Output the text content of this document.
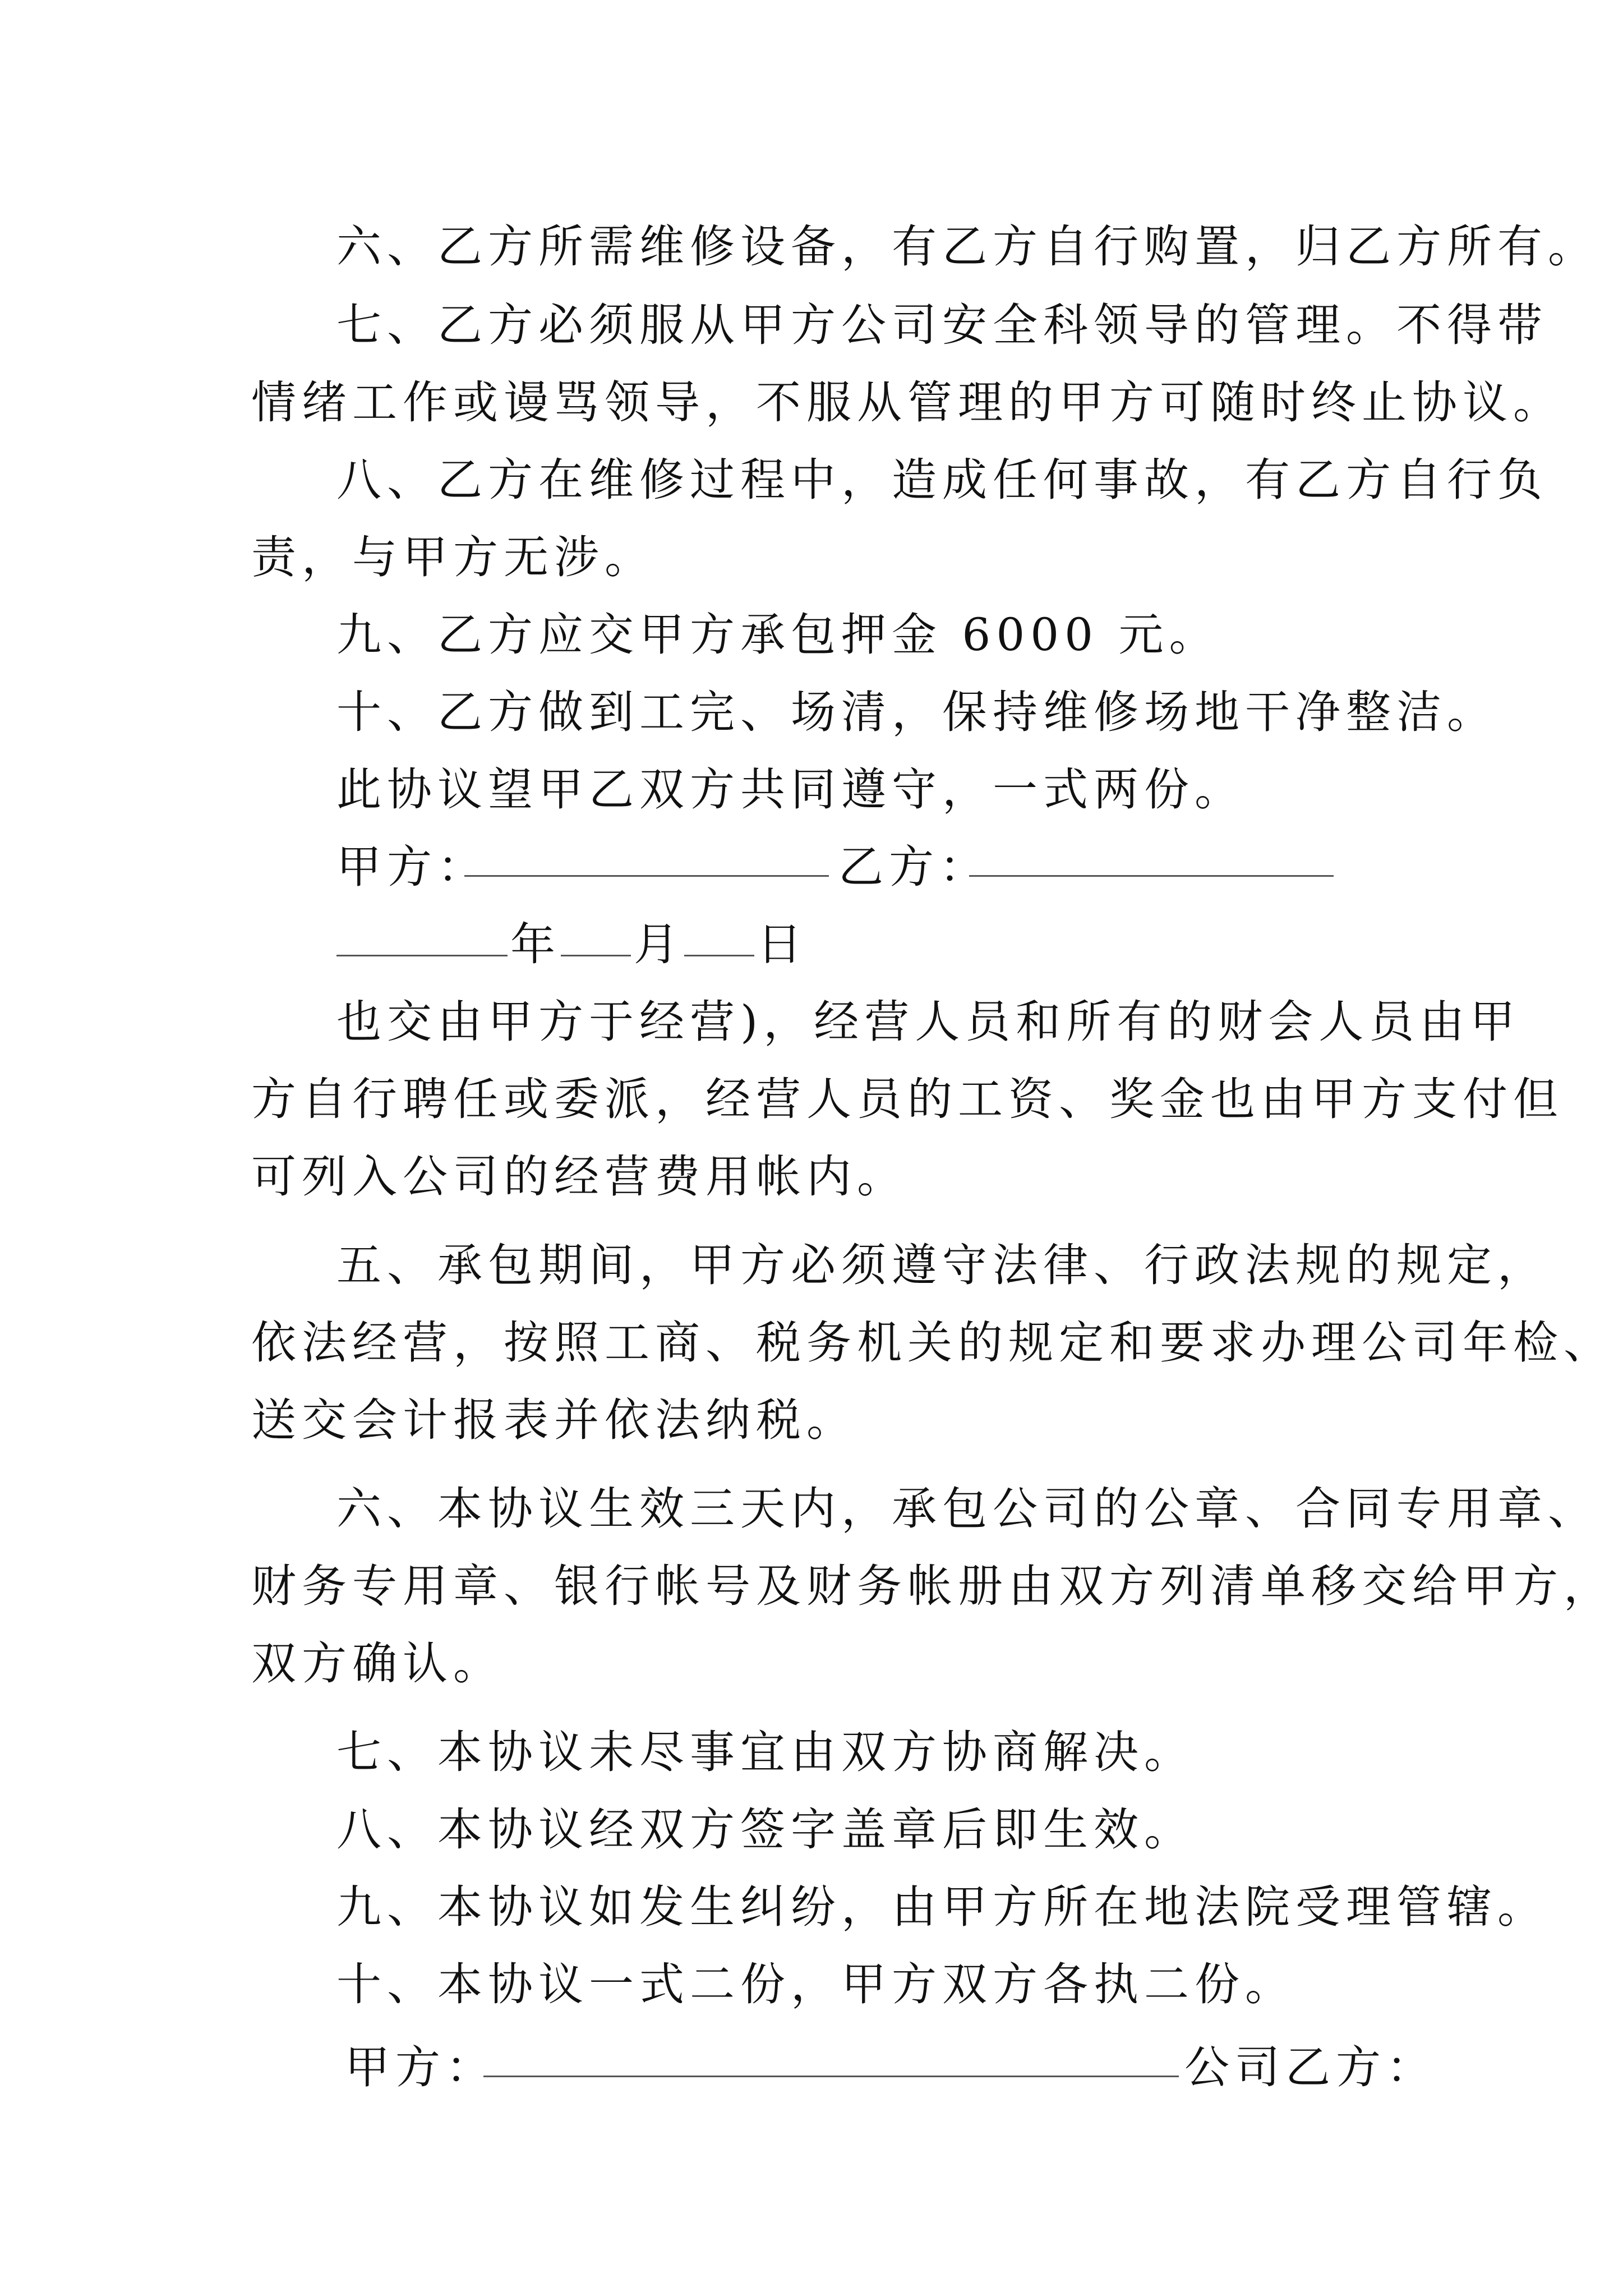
六、乙方所需维修设备，有乙方自行购置，归乙方所有。
七、乙方必须服从甲方公司安全科领导的管理。不得带
情绪工作或谩骂领导，不服从管理的甲方可随时终止协议。
八、乙方在维修过程中，造成任何事故，有乙方自行负
责，与甲方无涉。
九、乙方应交甲方承包押金 6000 元。
十、乙方做到工完、场清，保持维修场地干净整洁。
此协议望甲乙双方共同遵守，一式两份。
甲方：	乙方：
年 月 日
也交由甲方于经营)，经营人员和所有的财会人员由甲
方自行聘任或委派，经营人员的工资、奖金也由甲方支付但
可列入公司的经营费用帐内。
五、承包期间，甲方必须遵守法律、行政法规的规定，
依法经营，按照工商、税务机关的规定和要求办理公司年检、
送交会计报表并依法纳税。
六、本协议生效三天内，承包公司的公章、合同专用章、
财务专用章、银行帐号及财务帐册由双方列清单移交给甲方，
双方确认。
七、本协议未尽事宜由双方协商解决。
八、本协议经双方签字盖章后即生效。
九、本协议如发生纠纷，由甲方所在地法院受理管辖。
十、本协议一式二份，甲方双方各执二份。
甲方：	公司乙方：
